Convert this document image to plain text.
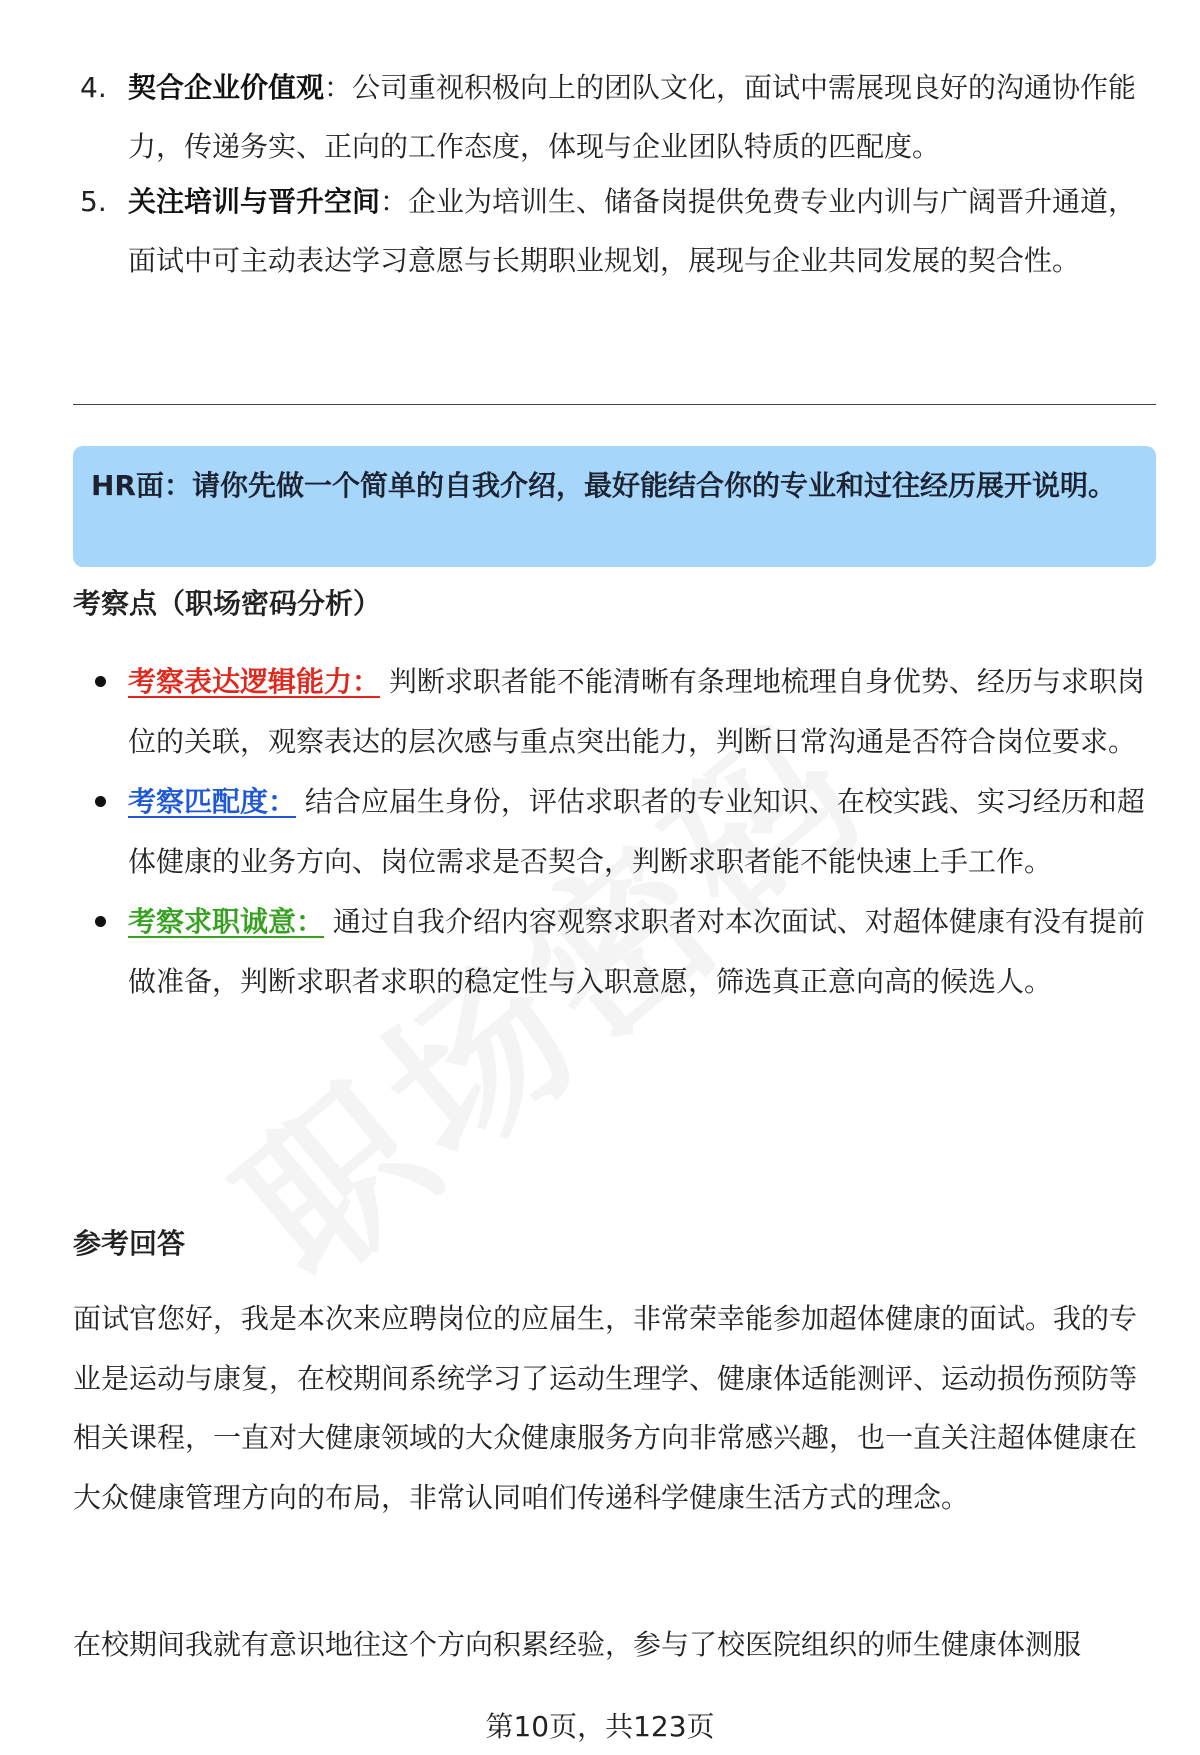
4. 契合企业价值观：公司重视积极向上的团队文化，面试中需展现良好的沟通协作能力，传递务实、正向的工作态度，体现与企业团队特质的匹配度。
5. 关注培训与晋升空间：企业为培训生、储备岗提供免费专业内训与广阔晋升通道，面试中可主动表达学习意愿与长期职业规划，展现与企业共同发展的契合性。
HR面：请你先做一个简单的自我介绍，最好能结合你的专业和过往经历展开说明。
考察点（职场密码分析）
考察表达逻辑能力： 判断求职者能不能清晰有条理地梳理自身优势、经历与求职岗位的关联，观察表达的层次感与重点突出能力，判断日常沟通是否符合岗位要求。
考察匹配度： 结合应届生身份，评估求职者的专业知识、在校实践、实习经历和超体健康的业务方向、岗位需求是否契合，判断求职者能不能快速上手工作。
考察求职诚意： 通过自我介绍内容观察求职者对本次面试、对超体健康有没有提前做准备，判断求职者求职的稳定性与入职意愿，筛选真正意向高的候选人。
参考回答

面试官您好，我是本次来应聘岗位的应届生，非常荣幸能参加超体健康的面试。我的专业是运动与康复，在校期间系统学习了运动生理学、健康体适能测评、运动损伤预防等相关课程，一直对大健康领域的大众健康服务方向非常感兴趣，也一直关注超体健康在大众健康管理方向的布局，非常认同咱们传递科学健康生活方式的理念。

在校期间我就有意识地往这个方向积累经验，参与了校医院组织的师生健康体测服

第10页，共123页
